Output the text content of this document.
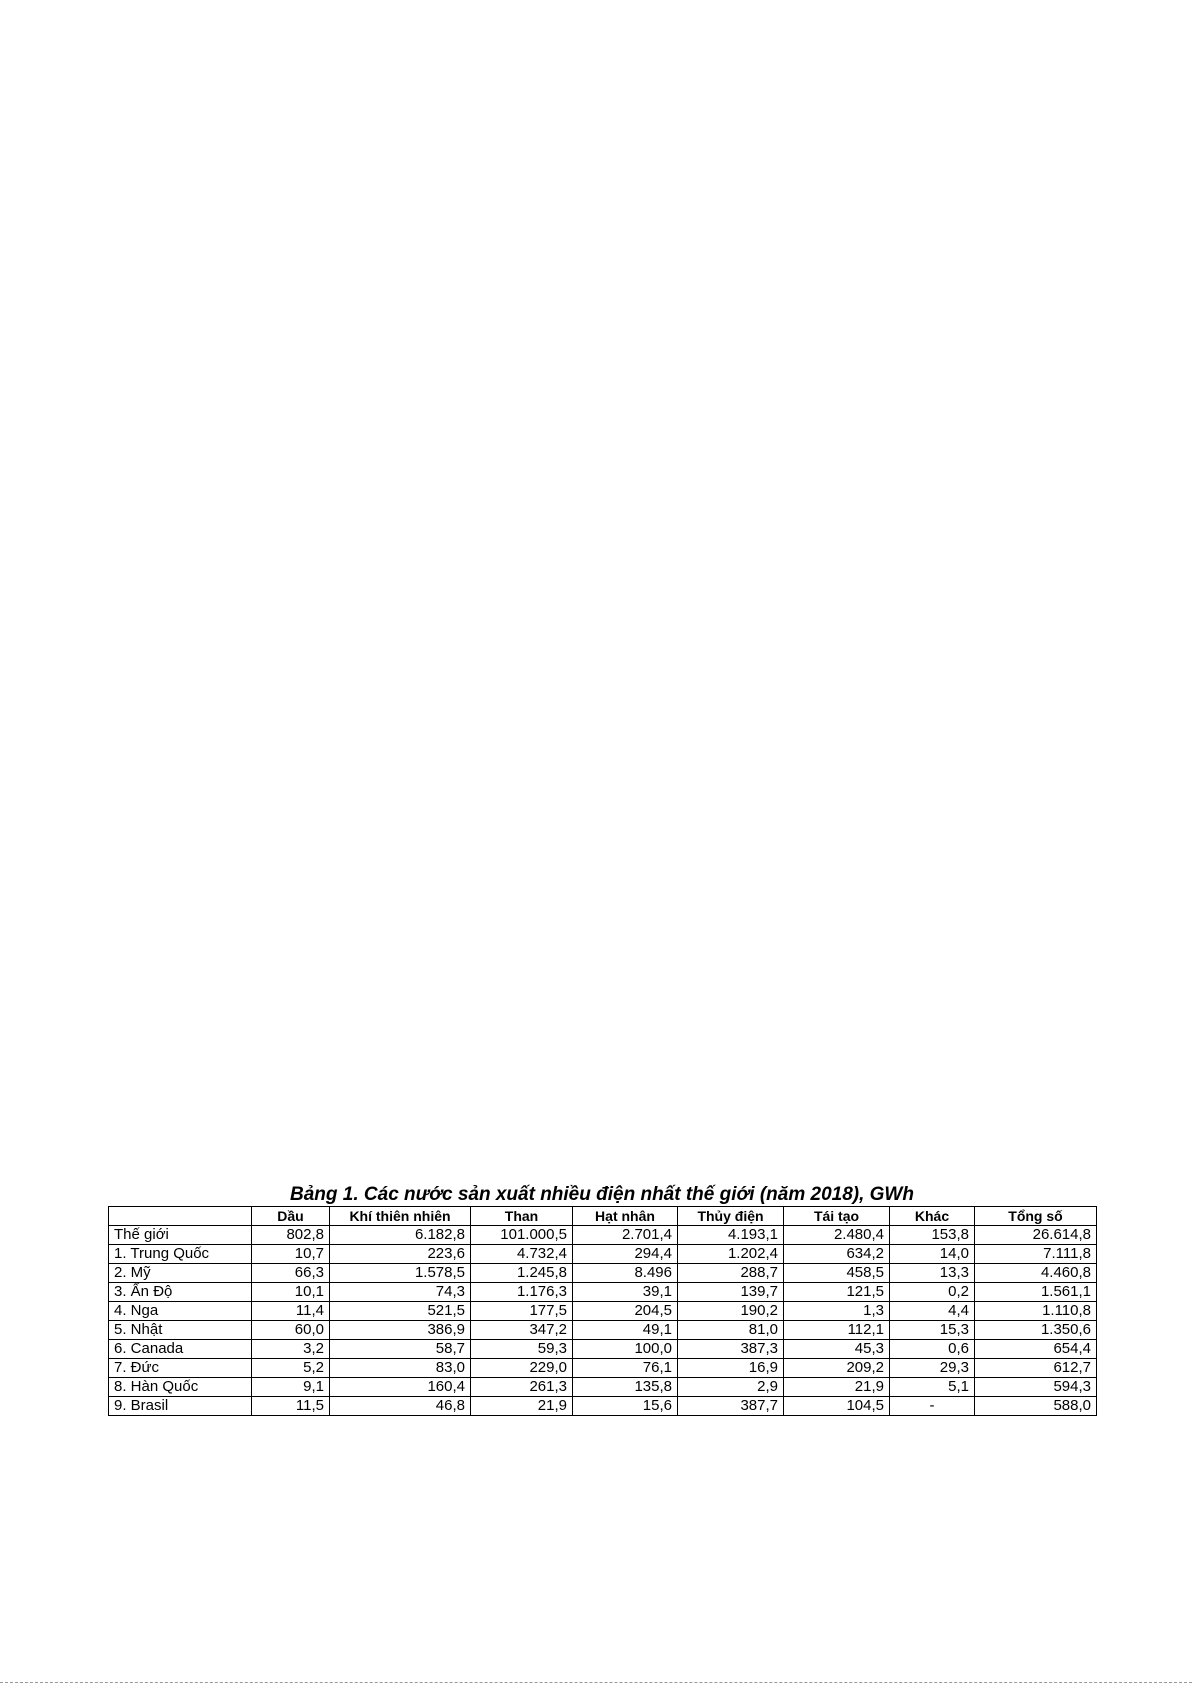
Bảng 1. Các nước sản xuất nhiều điện nhất thế giới (năm 2018), GWh
	Dầu	Khí thiên nhiên	Than	Hạt nhân	Thủy điện	Tái tạo	Khác	Tổng số
Thế giới	802,8	6.182,8	101.000,5	2.701,4	4.193,1	2.480,4	153,8	26.614,8
1. Trung Quốc	10,7	223,6	4.732,4	294,4	1.202,4	634,2	14,0	7.111,8
2. Mỹ	66,3	1.578,5	1.245,8	8.496	288,7	458,5	13,3	4.460,8
3. Ấn Độ	10,1	74,3	1.176,3	39,1	139,7	121,5	0,2	1.561,1
4. Nga	11,4	521,5	177,5	204,5	190,2	1,3	4,4	1.110,8
5. Nhật	60,0	386,9	347,2	49,1	81,0	112,1	15,3	1.350,6
6. Canada	3,2	58,7	59,3	100,0	387,3	45,3	0,6	654,4
7. Đức	5,2	83,0	229,0	76,1	16,9	209,2	29,3	612,7
8. Hàn Quốc	9,1	160,4	261,3	135,8	2,9	21,9	5,1	594,3
9. Brasil	11,5	46,8	21,9	15,6	387,7	104,5	-	588,0
